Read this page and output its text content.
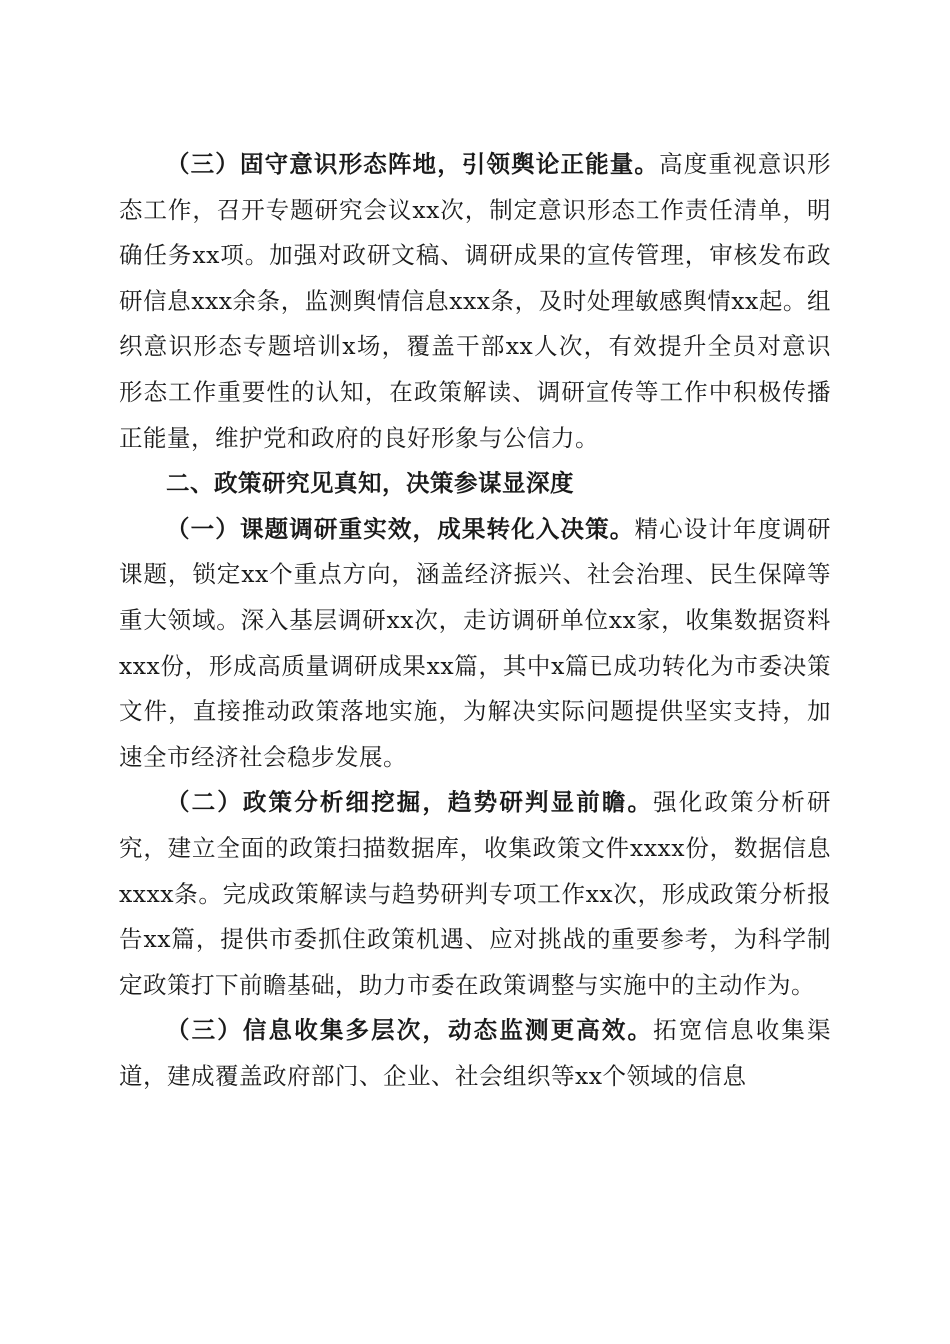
（三）固守意识形态阵地，引领舆论正能量。高度重视意识形态工作，召开专题研究会议xx次，制定意识形态工作责任清单，明确任务xx项。加强对政研文稿、调研成果的宣传管理，审核发布政研信息xxx余条，监测舆情信息xxx条，及时处理敏感舆情xx起。组织意识形态专题培训x场，覆盖干部xx人次，有效提升全员对意识形态工作重要性的认知，在政策解读、调研宣传等工作中积极传播正能量，维护党和政府的良好形象与公信力。

二、政策研究见真知，决策参谋显深度

（一）课题调研重实效，成果转化入决策。精心设计年度调研课题，锁定xx个重点方向，涵盖经济振兴、社会治理、民生保障等重大领域。深入基层调研xx次，走访调研单位xx家，收集数据资料xxx份，形成高质量调研成果xx篇，其中x篇已成功转化为市委决策文件，直接推动政策落地实施，为解决实际问题提供坚实支持，加速全市经济社会稳步发展。

（二）政策分析细挖掘，趋势研判显前瞻。强化政策分析研究，建立全面的政策扫描数据库，收集政策文件xxxx份，数据信息xxxx条。完成政策解读与趋势研判专项工作xx次，形成政策分析报告xx篇，提供市委抓住政策机遇、应对挑战的重要参考，为科学制定政策打下前瞻基础，助力市委在政策调整与实施中的主动作为。

（三）信息收集多层次，动态监测更高效。拓宽信息收集渠道，建成覆盖政府部门、企业、社会组织等xx个领域的信息
